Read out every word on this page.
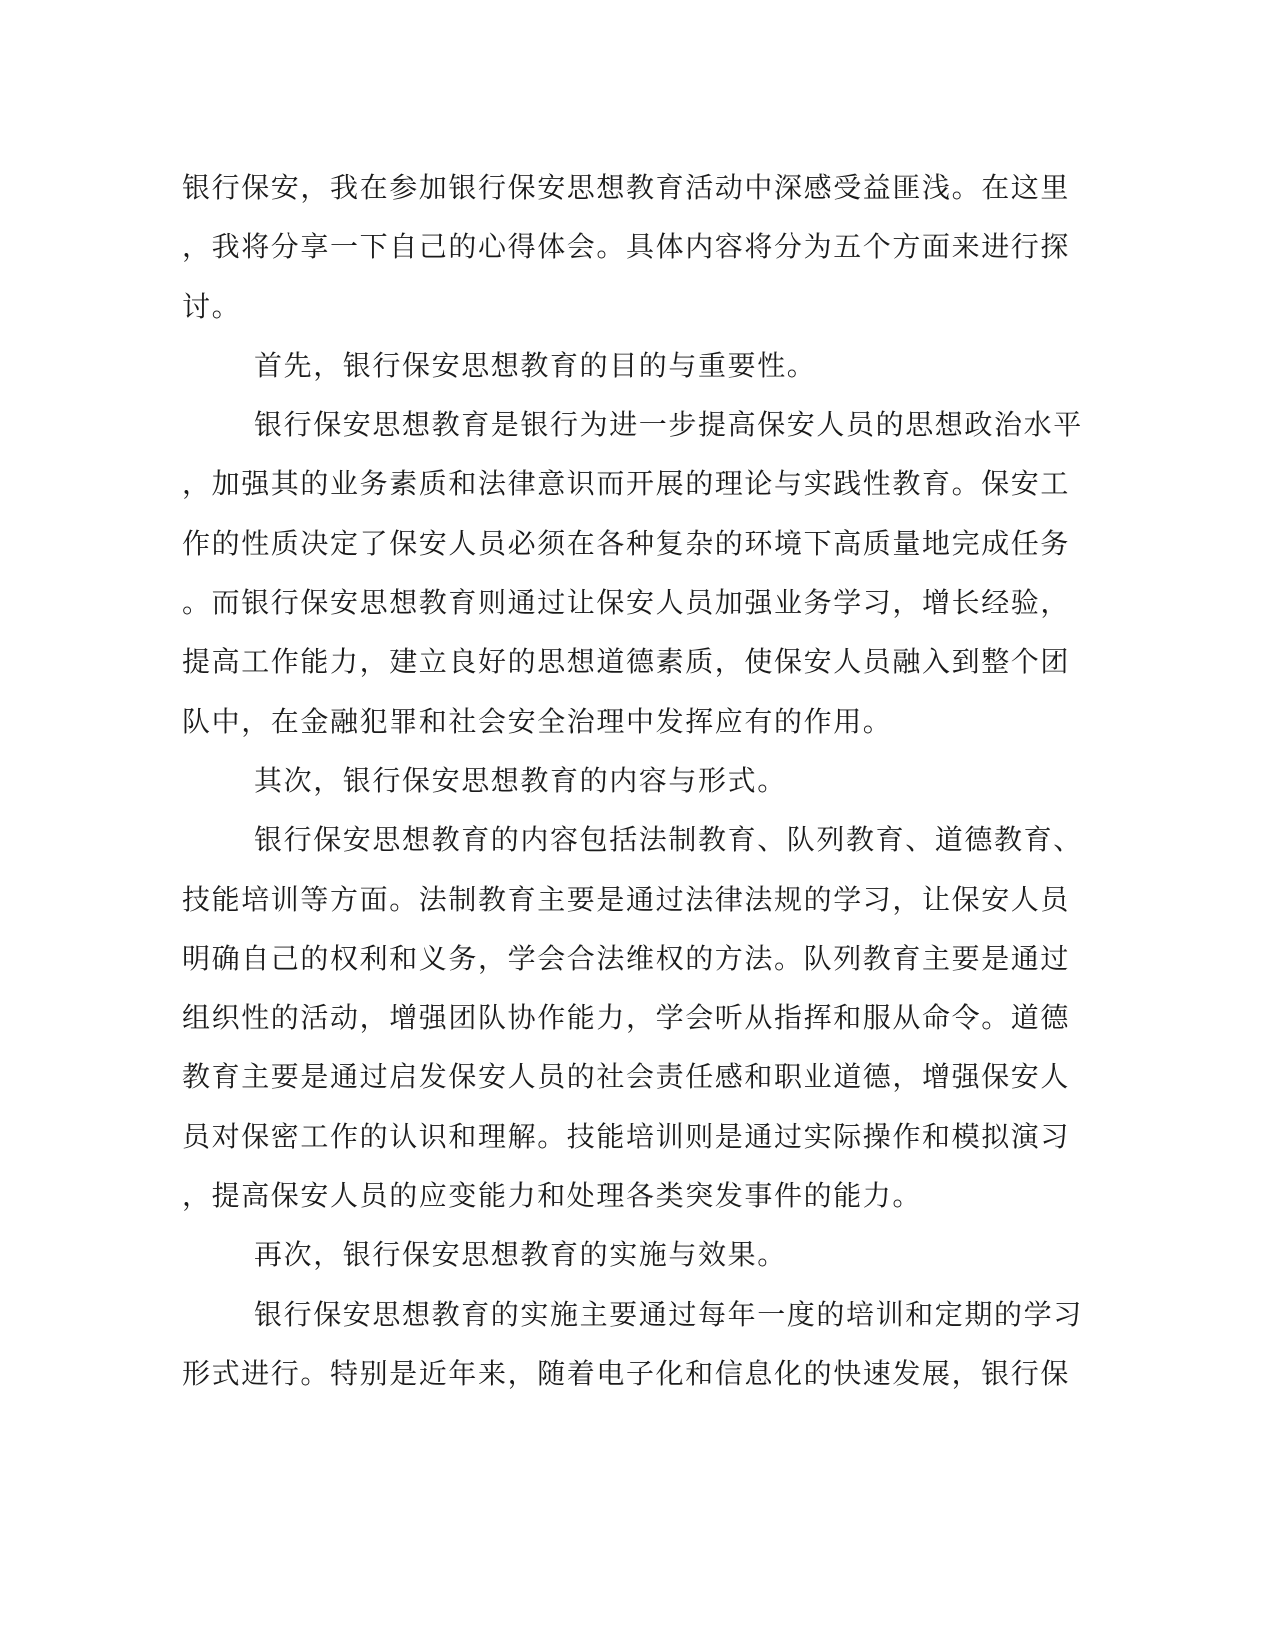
银行保安，我在参加银行保安思想教育活动中深感受益匪浅。在这里
，我将分享一下自己的心得体会。具体内容将分为五个方面来进行探
讨。
首先，银行保安思想教育的目的与重要性。
银行保安思想教育是银行为进一步提高保安人员的思想政治水平
，加强其的业务素质和法律意识而开展的理论与实践性教育。保安工
作的性质决定了保安人员必须在各种复杂的环境下高质量地完成任务
。而银行保安思想教育则通过让保安人员加强业务学习，增长经验，
提高工作能力，建立良好的思想道德素质，使保安人员融入到整个团
队中，在金融犯罪和社会安全治理中发挥应有的作用。
其次，银行保安思想教育的内容与形式。
银行保安思想教育的内容包括法制教育、队列教育、道德教育、
技能培训等方面。法制教育主要是通过法律法规的学习，让保安人员
明确自己的权利和义务，学会合法维权的方法。队列教育主要是通过
组织性的活动，增强团队协作能力，学会听从指挥和服从命令。道德
教育主要是通过启发保安人员的社会责任感和职业道德，增强保安人
员对保密工作的认识和理解。技能培训则是通过实际操作和模拟演习
，提高保安人员的应变能力和处理各类突发事件的能力。
再次，银行保安思想教育的实施与效果。
银行保安思想教育的实施主要通过每年一度的培训和定期的学习
形式进行。特别是近年来，随着电子化和信息化的快速发展，银行保
